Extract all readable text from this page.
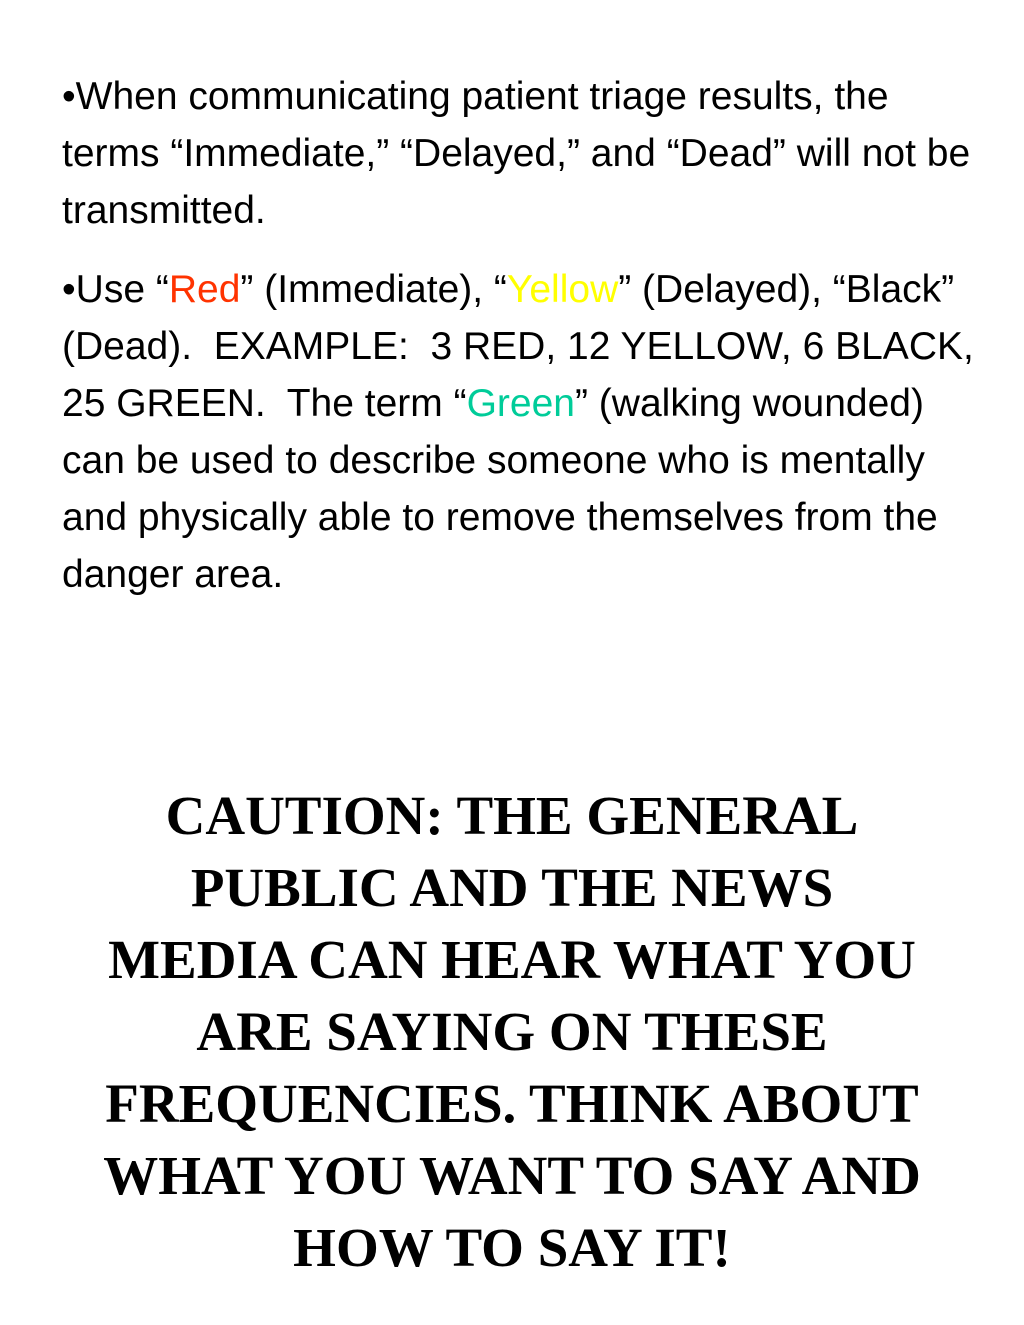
•When communicating patient triage results, the terms “Immediate,” “Delayed,” and “Dead” will not be transmitted.

•Use “Red” (Immediate), “Yellow” (Delayed), “Black” (Dead).  EXAMPLE:  3 RED, 12 YELLOW, 6 BLACK, 25 GREEN.  The term “Green” (walking wounded) can be used to describe someone who is mentally and physically able to remove themselves from the danger area.

CAUTION: THE GENERAL
PUBLIC AND THE NEWS
MEDIA CAN HEAR WHAT YOU
ARE SAYING ON THESE
FREQUENCIES. THINK ABOUT
WHAT YOU WANT TO SAY AND
HOW TO SAY IT!
